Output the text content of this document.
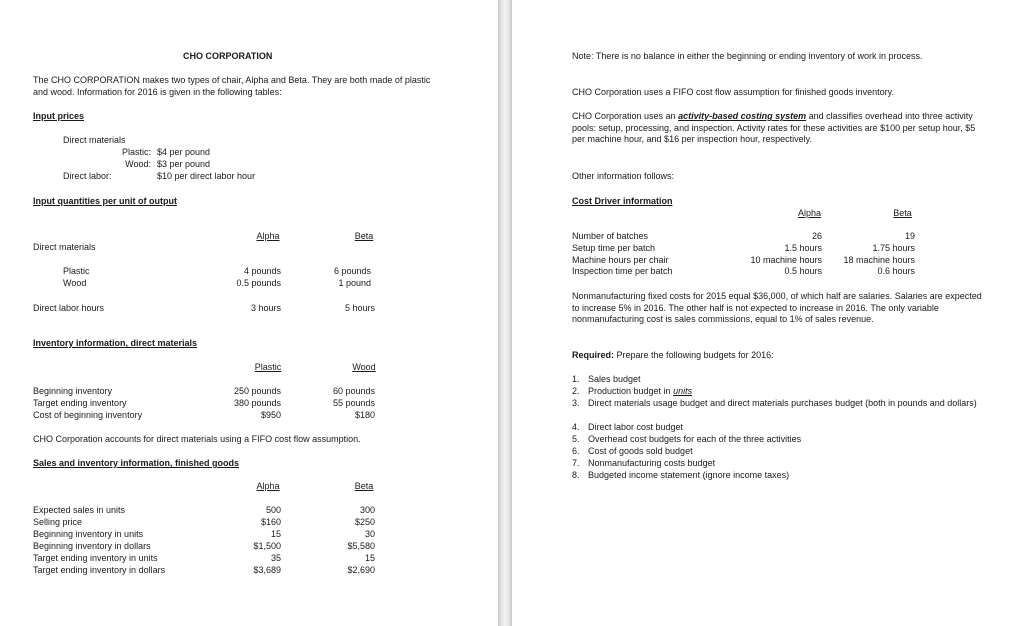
CHO CORPORATION
The CHO CORPORATION makes two types of chair, Alpha and Beta. They are both made of plastic and wood. Information for 2016 is given in the following tables:
Input prices
Direct materials
Plastic: $4 per pound
Wood: $3 per pound
Direct labor:	$10 per direct labor hour
Input quantities per unit of output
Alpha	Beta
Direct materials
Plastic	4 pounds	6 pounds
Wood	0.5 pounds	1 pound
Direct labor hours	3 hours	5 hours
Inventory information, direct materials
Plastic	Wood
Beginning inventory	250 pounds	60 pounds
Target ending inventory	380 pounds	55 pounds
Cost of beginning inventory	$950	$180
CHO Corporation accounts for direct materials using a FIFO cost flow assumption.
Sales and inventory information, finished goods
Alpha	Beta
Expected sales in units	500	300
Selling price	$160	$250
Beginning inventory in units	15	30
Beginning inventory in dollars	$1,500	$5,580
Target ending inventory in units	35	15
Target ending inventory in dollars	$3,689	$2,690
Note: There is no balance in either the beginning or ending inventory of work in process.
CHO Corporation uses a FIFO cost flow assumption for finished goods inventory.
CHO Corporation uses an activity-based costing system and classifies overhead into three activity pools: setup, processing, and inspection. Activity rates for these activities are $100 per setup hour, $5 per machine hour, and $16 per inspection hour, respectively.
Other information follows:
Cost Driver information
Alpha	Beta
Number of batches	26	19
Setup time per batch	1.5 hours	1.75 hours
Machine hours per chair	10 machine hours	18 machine hours
Inspection time per batch	0.5 hours	0.6 hours
Nonmanufacturing fixed costs for 2015 equal $36,000, of which half are salaries. Salaries are expected to increase 5% in 2016. The other half is not expected to increase in 2016. The only variable nonmanufacturing cost is sales commissions, equal to 1% of sales revenue.
Required: Prepare the following budgets for 2016:
1. Sales budget
2. Production budget in units
3. Direct materials usage budget and direct materials purchases budget (both in pounds and dollars)
4. Direct labor cost budget
5. Overhead cost budgets for each of the three activities
6. Cost of goods sold budget
7. Nonmanufacturing costs budget
8. Budgeted income statement (ignore income taxes)
